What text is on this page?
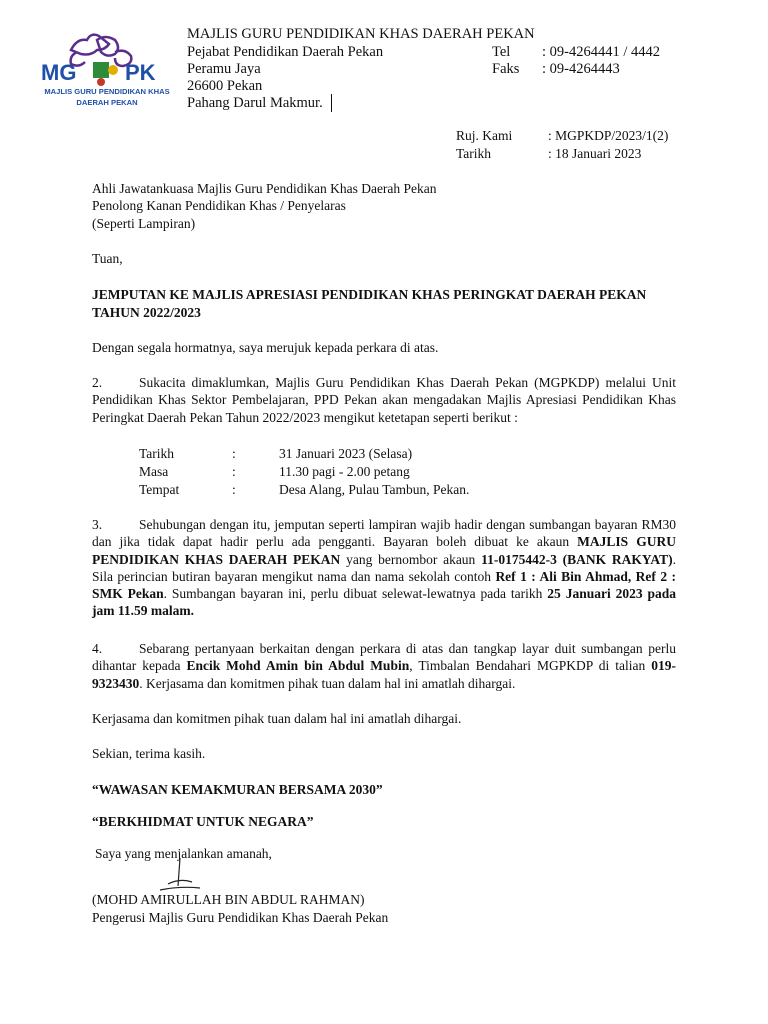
MG PK
MAJLIS GURU PENDIDIKAN KHAS
DAERAH PEKAN
MAJLIS GURU PENDIDIKAN KHAS DAERAH PEKAN
Pejabat Pendidikan Daerah Pekan
Peramu Jaya
26600 Pekan
Pahang Darul Makmur.
Tel : 09-4264441 / 4442
Faks : 09-4264443
Ruj. Kami	: MGPKDP/2023/1(2)
Tarikh	: 18 Januari 2023
Ahli Jawatankuasa Majlis Guru Pendidikan Khas Daerah Pekan
Penolong Kanan Pendidikan Khas / Penyelaras
(Seperti Lampiran)
Tuan,
JEMPUTAN KE MAJLIS APRESIASI PENDIDIKAN KHAS PERINGKAT DAERAH PEKAN
TAHUN 2022/2023
Dengan segala hormatnya, saya merujuk kepada perkara di atas.
2.	Sukacita dimaklumkan, Majlis Guru Pendidikan Khas Daerah Pekan (MGPKDP) melalui Unit Pendidikan Khas Sektor Pembelajaran, PPD Pekan akan mengadakan Majlis Apresiasi Pendidikan Khas Peringkat Daerah Pekan Tahun 2022/2023 mengikut ketetapan seperti berikut :
Tarikh	:	31 Januari 2023 (Selasa)
Masa	:	11.30 pagi - 2.00 petang
Tempat	:	Desa Alang, Pulau Tambun, Pekan.
3.	Sehubungan dengan itu, jemputan seperti lampiran wajib hadir dengan sumbangan bayaran RM30 dan jika tidak dapat hadir perlu ada pengganti. Bayaran boleh dibuat ke akaun MAJLIS GURU PENDIDIKAN KHAS DAERAH PEKAN yang bernombor akaun 11-0175442-3 (BANK RAKYAT). Sila perincian butiran bayaran mengikut nama dan nama sekolah contoh Ref 1 : Ali Bin Ahmad, Ref 2 : SMK Pekan. Sumbangan bayaran ini, perlu dibuat selewat-lewatnya pada tarikh 25 Januari 2023 pada jam 11.59 malam.
4.	Sebarang pertanyaan berkaitan dengan perkara di atas dan tangkap layar duit sumbangan perlu dihantar kepada Encik Mohd Amin bin Abdul Mubin, Timbalan Bendahari MGPKDP di talian 019-9323430. Kerjasama dan komitmen pihak tuan dalam hal ini amatlah dihargai.
Kerjasama dan komitmen pihak tuan dalam hal ini amatlah dihargai.
Sekian, terima kasih.
“WAWASAN KEMAKMURAN BERSAMA 2030”
“BERKHIDMAT UNTUK NEGARA”
Saya yang menjalankan amanah,
(MOHD AMIRULLAH BIN ABDUL RAHMAN)
Pengerusi Majlis Guru Pendidikan Khas Daerah Pekan
